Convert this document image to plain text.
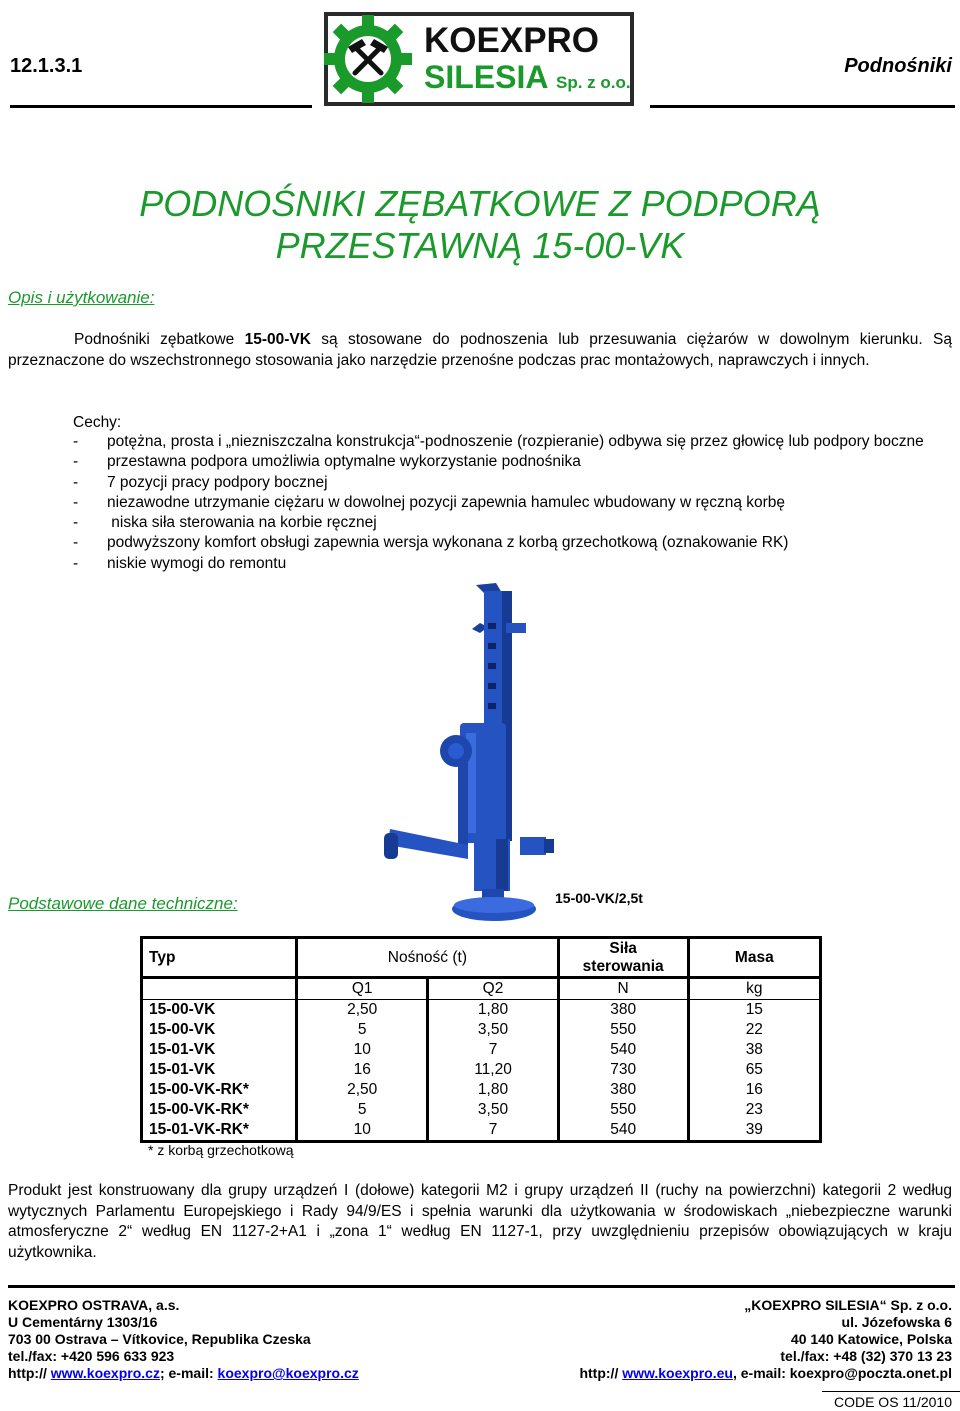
12.1.3.1	Podnośniki
KOEXPRO
SILESIA Sp. z o.o.
PODNOŚNIKI ZĘBATKOWE Z PODPORĄ
PRZESTAWNĄ 15-00-VK
Opis i użytkowanie:

Podnośniki zębatkowe 15-00-VK są stosowane do podnoszenia lub przesuwania ciężarów w dowolnym kierunku. Są przeznaczone do wszechstronnego stosowania jako narzędzie przenośne podczas prac montażowych, naprawczych i innych.

Cechy:
- potężna, prosta i „niezniszczalna konstrukcja“-podnoszenie (rozpieranie) odbywa się przez głowicę lub podpory boczne
- przestawna podpora umożliwia optymalne wykorzystanie podnośnika
- 7 pozycji pracy podpory bocznej
- niezawodne utrzymanie ciężaru w dowolnej pozycji zapewnia hamulec wbudowany w ręczną korbę
- niska siła sterowania na korbie ręcznej
- podwyższony komfort obsługi zapewnia wersja wykonana z korbą grzechotkową (oznakowanie RK)
- niskie wymogi do remontu
Podstawowe dane techniczne:	15-00-VK/2,5t
Typ	Nośność (t)		Siła sterowania	Masa
	Q1	Q2	N	kg
15-00-VK	2,50	1,80	380	15
15-00-VK	5	3,50	550	22
15-01-VK	10	7	540	38
15-01-VK	16	11,20	730	65
15-00-VK-RK*	2,50	1,80	380	16
15-00-VK-RK*	5	3,50	550	23
15-01-VK-RK*	10	7	540	39
* z korbą grzechotkową

Produkt jest konstruowany dla grupy urządzeń I (dołowe) kategorii M2 i grupy urządzeń II (ruchy na powierzchni) kategorii 2 według wytycznych Parlamentu Europejskiego i Rady 94/9/ES i spełnia warunki dla użytkowania w środowiskach „niebezpieczne warunki atmosferyczne 2“ według EN 1127-2+A1 i „zona 1“ według EN 1127-1, przy uwzględnieniu przepisów obowiązujących w kraju użytkownika.

KOEXPRO OSTRAVA, a.s.
U Cementárny 1303/16
703 00 Ostrava – Vítkovice, Republika Czeska
tel./fax: +420 596 633 923
http:// www.koexpro.cz; e-mail: koexpro@koexpro.cz
„KOEXPRO SILESIA“ Sp. z o.o.
ul. Józefowska 6
40 140 Katowice, Polska
tel./fax: +48 (32) 370 13 23
http:// www.koexpro.eu, e-mail: koexpro@poczta.onet.pl
CODE OS 11/2010
